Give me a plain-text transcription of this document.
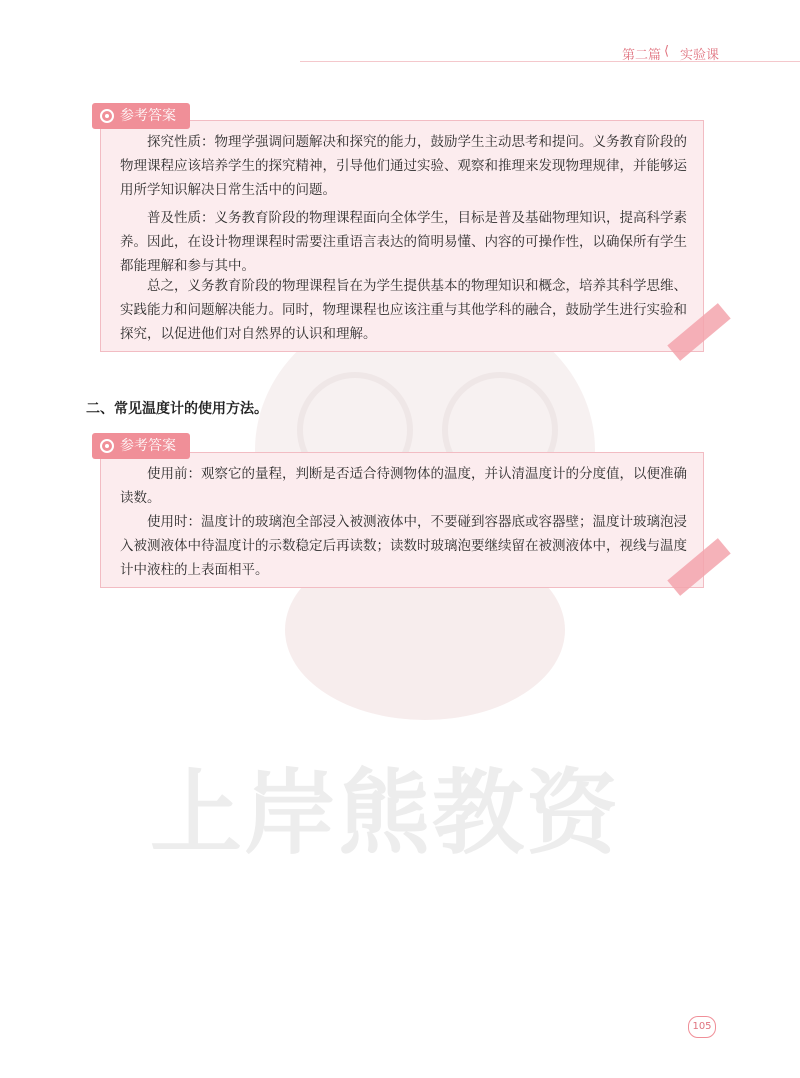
第二篇 ⟨ 实验课
上岸熊教资
参考答案

探究性质：物理学强调问题解决和探究的能力，鼓励学生主动思考和提问。义务教育阶段的物理课程应该培养学生的探究精神，引导他们通过实验、观察和推理来发现物理规律，并能够运用所学知识解决日常生活中的问题。

普及性质：义务教育阶段的物理课程面向全体学生，目标是普及基础物理知识，提高科学素养。因此，在设计物理课程时需要注重语言表达的简明易懂、内容的可操作性，以确保所有学生都能理解和参与其中。

总之，义务教育阶段的物理课程旨在为学生提供基本的物理知识和概念，培养其科学思维、实践能力和问题解决能力。同时，物理课程也应该注重与其他学科的融合，鼓励学生进行实验和探究，以促进他们对自然界的认识和理解。

二、常见温度计的使用方法。
参考答案

使用前：观察它的量程，判断是否适合待测物体的温度，并认清温度计的分度值，以便准确读数。

使用时：温度计的玻璃泡全部浸入被测液体中，不要碰到容器底或容器壁；温度计玻璃泡浸入被测液体中待温度计的示数稳定后再读数；读数时玻璃泡要继续留在被测液体中，视线与温度计中液柱的上表面相平。

105
